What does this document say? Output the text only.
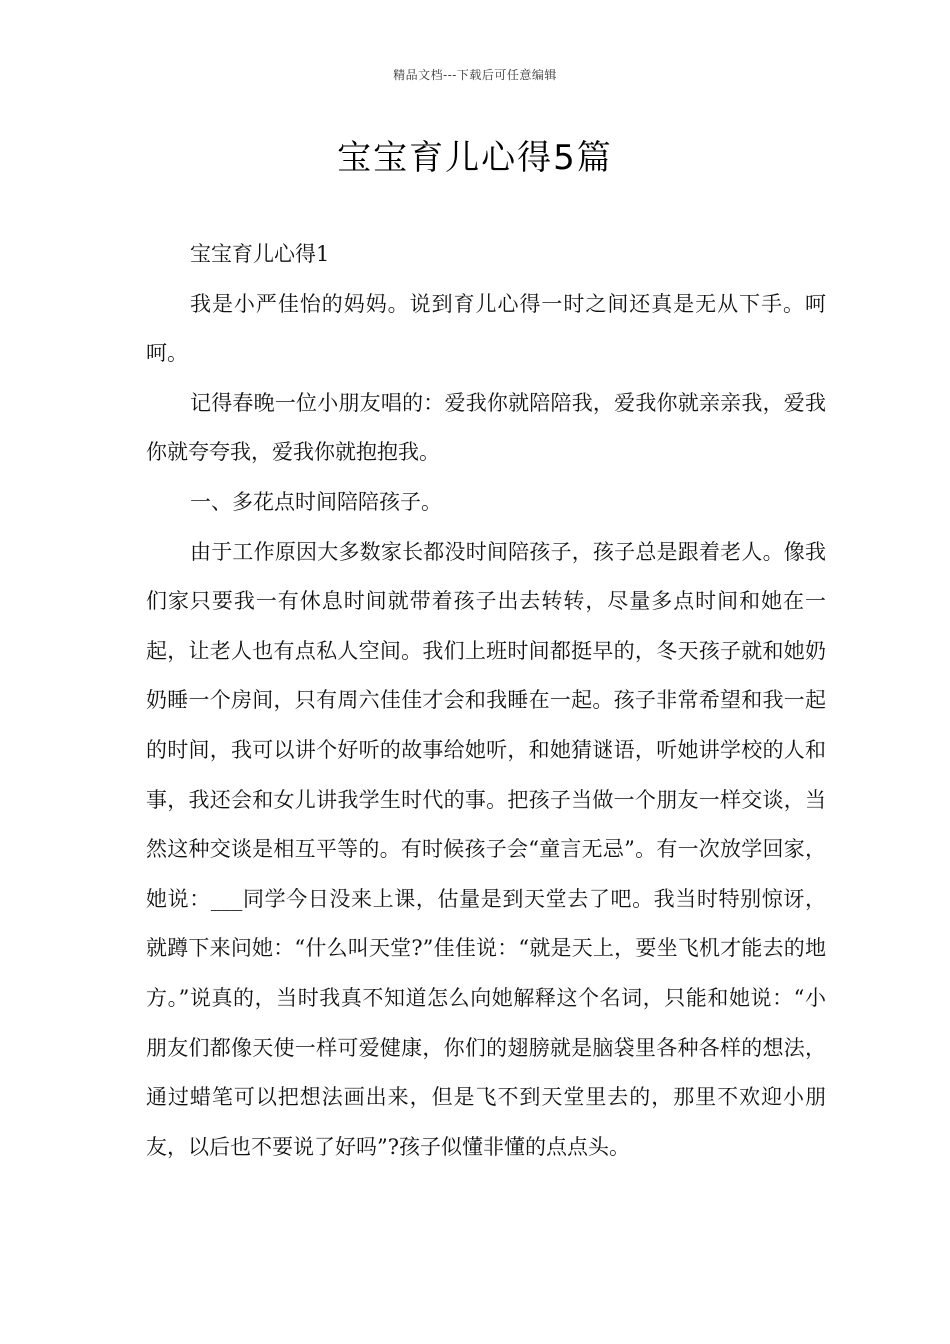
精品文档---下载后可任意编辑
宝宝育儿心得5篇

宝宝育儿心得1

我是小严佳怡的妈妈。说到育儿心得一时之间还真是无从下手。呵呵。

记得春晚一位小朋友唱的：爱我你就陪陪我，爱我你就亲亲我，爱我你就夸夸我，爱我你就抱抱我。

一、多花点时间陪陪孩子。

由于工作原因大多数家长都没时间陪孩子，孩子总是跟着老人。像我们家只要我一有休息时间就带着孩子出去转转，尽量多点时间和她在一起，让老人也有点私人空间。我们上班时间都挺早的，冬天孩子就和她奶奶睡一个房间，只有周六佳佳才会和我睡在一起。孩子非常希望和我一起的时间，我可以讲个好听的故事给她听，和她猜谜语，听她讲学校的人和事，我还会和女儿讲我学生时代的事。把孩子当做一个朋友一样交谈，当然这种交谈是相互平等的。有时候孩子会“童言无忌”。有一次放学回家，她说：___同学今日没来上课，估量是到天堂去了吧。我当时特别惊讶，就蹲下来问她：“什么叫天堂?”佳佳说：“就是天上，要坐飞机才能去的地方。”说真的，当时我真不知道怎么向她解释这个名词，只能和她说：“小朋友们都像天使一样可爱健康，你们的翅膀就是脑袋里各种各样的想法，通过蜡笔可以把想法画出来，但是飞不到天堂里去的，那里不欢迎小朋友，以后也不要说了好吗”?孩子似懂非懂的点点头。
